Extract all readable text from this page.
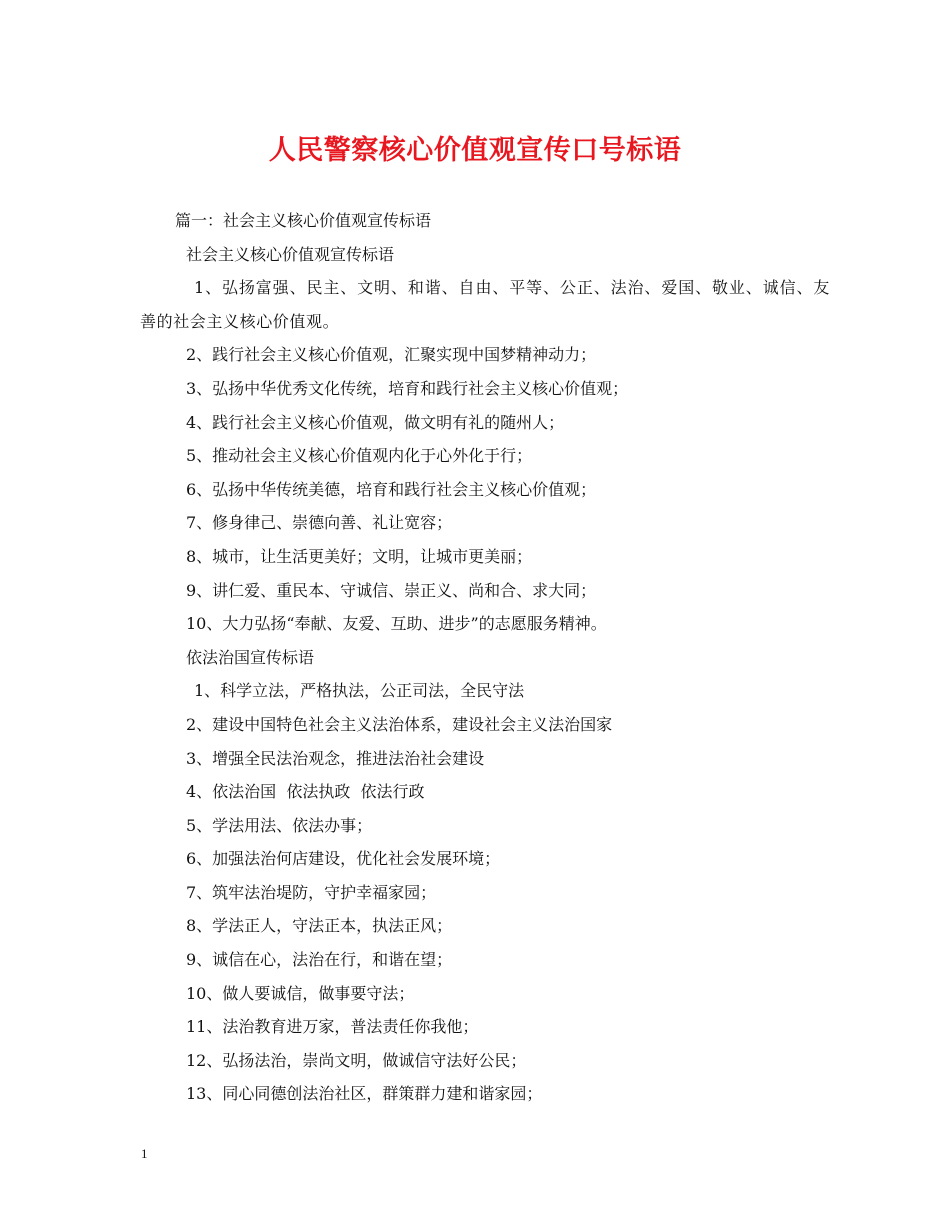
人民警察核心价值观宣传口号标语

篇一：社会主义核心价值观宣传标语

社会主义核心价值观宣传标语

1、弘扬富强、民主、文明、和谐、自由、平等、公正、法治、爱国、敬业、诚信、友善的社会主义核心价值观。

2、践行社会主义核心价值观，汇聚实现中国梦精神动力；

3、弘扬中华优秀文化传统，培育和践行社会主义核心价值观；

4、践行社会主义核心价值观，做文明有礼的随州人；

5、推动社会主义核心价值观内化于心外化于行；

6、弘扬中华传统美德，培育和践行社会主义核心价值观；

7、修身律己、崇德向善、礼让宽容；

8、城市，让生活更美好；文明，让城市更美丽；

9、讲仁爱、重民本、守诚信、崇正义、尚和合、求大同；

10、大力弘扬“奉献、友爱、互助、进步”的志愿服务精神。

依法治国宣传标语

1、科学立法，严格执法，公正司法，全民守法

2、建设中国特色社会主义法治体系，建设社会主义法治国家

3、增强全民法治观念，推进法治社会建设

4、依法治国  依法执政  依法行政

5、学法用法、依法办事；

6、加强法治何店建设，优化社会发展环境；

7、筑牢法治堤防，守护幸福家园；

8、学法正人，守法正本，执法正风；

9、诚信在心，法治在行，和谐在望；

10、做人要诚信，做事要守法；

11、法治教育进万家，普法责任你我他；

12、弘扬法治，崇尚文明，做诚信守法好公民；

13、同心同德创法治社区，群策群力建和谐家园；

1
